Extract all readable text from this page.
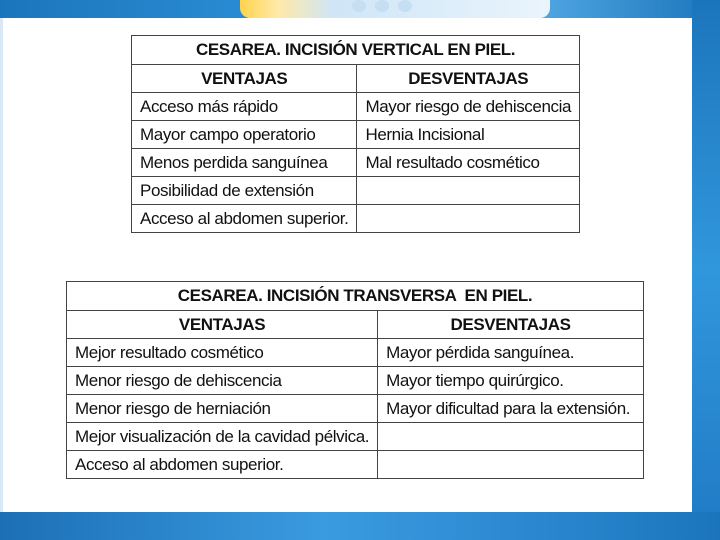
CESAREA. INCISIÓN VERTICAL EN PIEL.	
VENTAJAS	DESVENTAJAS
Acceso más rápido	Mayor riesgo de dehiscencia
Mayor campo operatorio	Hernia Incisional
Menos perdida sanguínea	Mal resultado cosmético
Posibilidad de extensión	
Acceso al abdomen superior.	
CESAREA. INCISIÓN TRANSVERSA  EN PIEL.	
VENTAJAS	DESVENTAJAS
Mejor resultado cosmético	Mayor pérdida sanguínea.
Menor riesgo de dehiscencia	Mayor tiempo quirúrgico.
Menor riesgo de herniación	Mayor dificultad para la extensión.
Mejor visualización de la cavidad pélvica.	
Acceso al abdomen superior.	
